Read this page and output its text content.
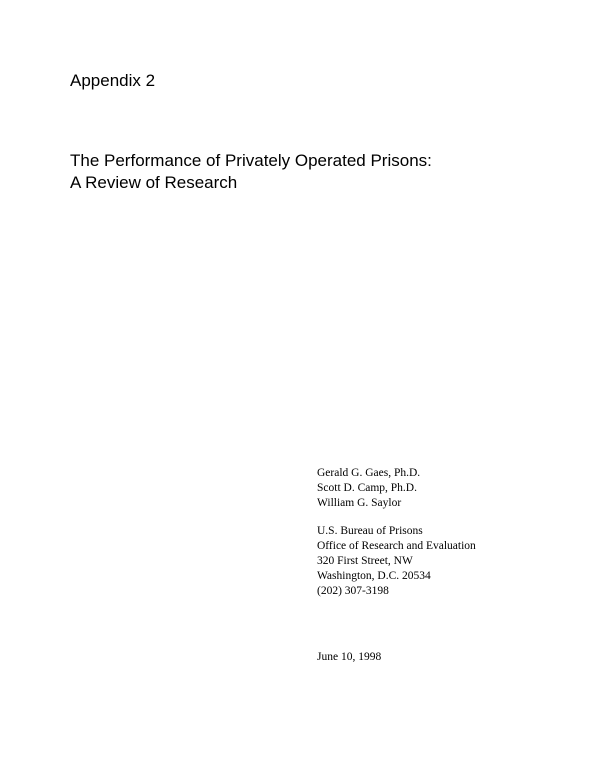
Appendix 2
The Performance of Privately Operated Prisons:
A Review of Research
Gerald G. Gaes, Ph.D.
Scott D. Camp, Ph.D.
William G. Saylor
U.S. Bureau of Prisons
Office of Research and Evaluation
320 First Street, NW
Washington, D.C. 20534
(202) 307-3198
June 10, 1998
